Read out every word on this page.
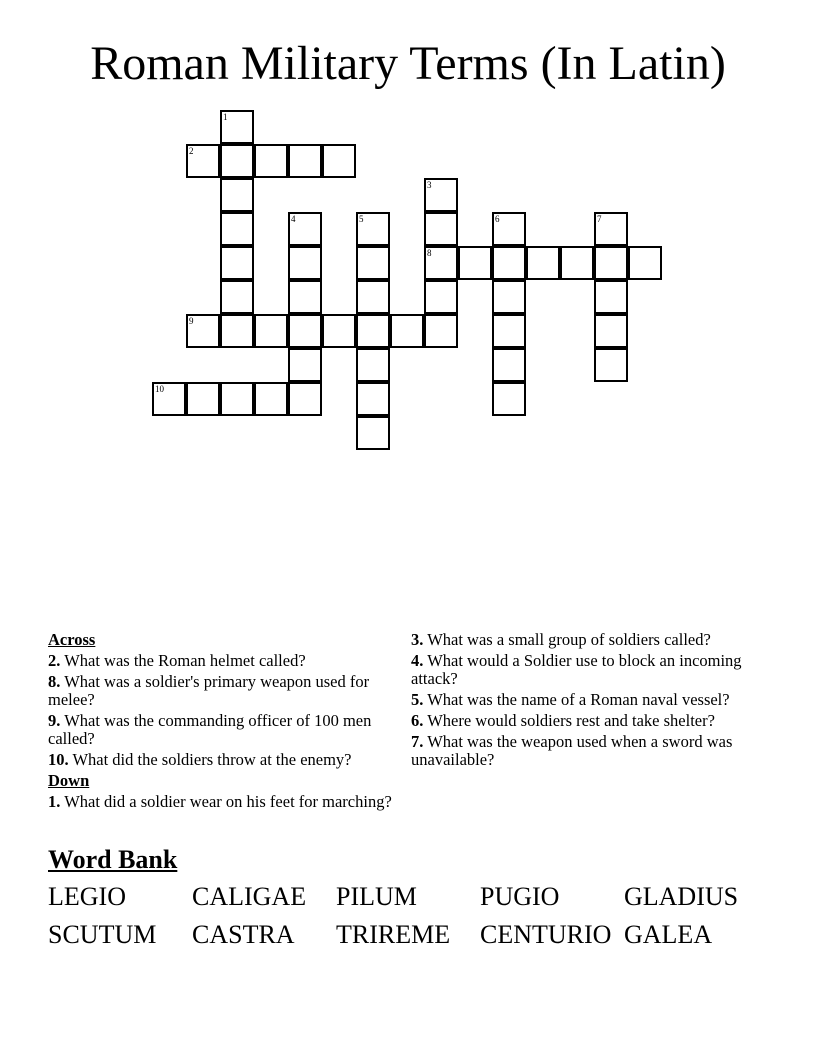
Roman Military Terms (In Latin)
1
2
3
8
4	5	6	7
9
10
Across
2. What was the Roman helmet called?
8. What was a soldier's primary weapon used for melee?
9. What was the commanding officer of 100 men called?
10. What did the soldiers throw at the enemy?
Down
1. What did a soldier wear on his feet for marching?
3. What was a small group of soldiers called?
4. What would a Soldier use to block an incoming attack?
5. What was the name of a Roman naval vessel?
6. Where would soldiers rest and take shelter?
7. What was the weapon used when a sword was unavailable?
Word Bank
LEGIO	CALIGAE	PILUM	PUGIO	GLADIUS
SCUTUM	CASTRA	TRIREME	CENTURIO GALEA
